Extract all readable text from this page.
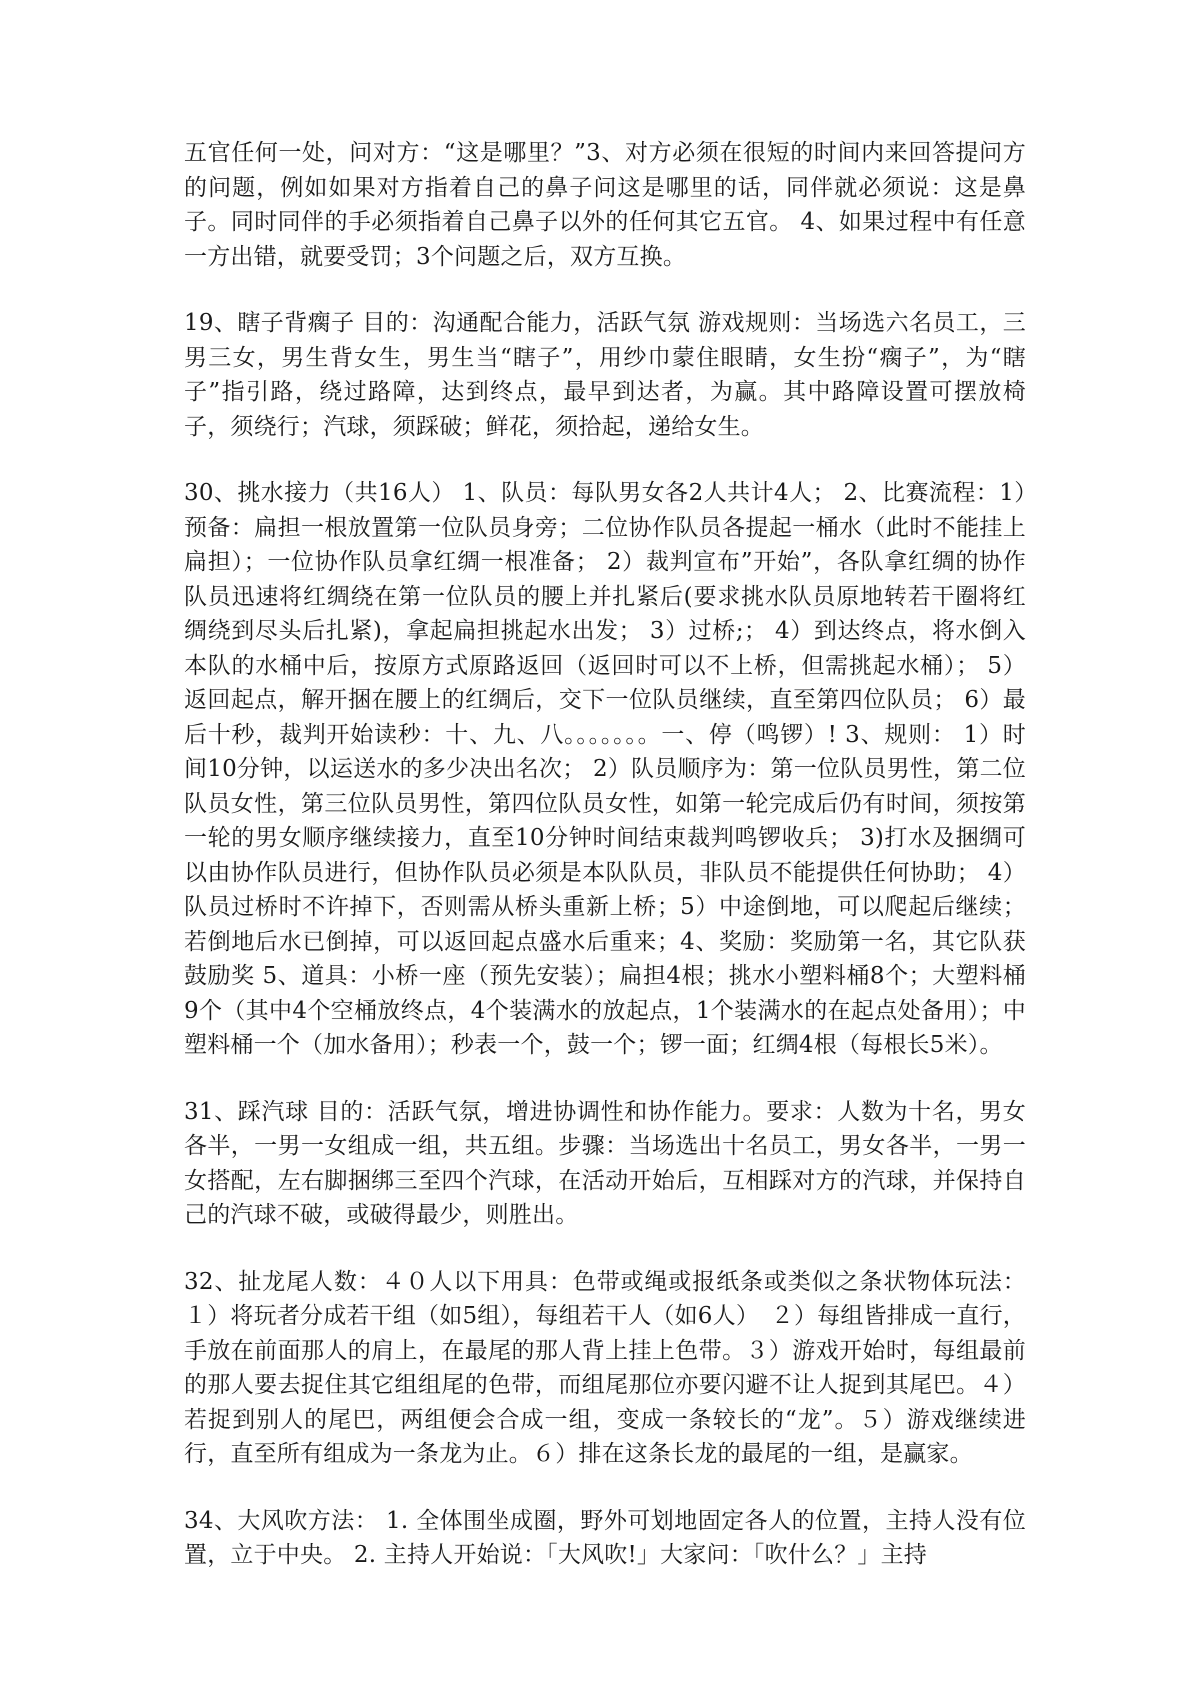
五官任何一处，问对方：“这是哪里？”3、对方必须在很短的时间内来回答提问方的问题，例如如果对方指着自己的鼻子问这是哪里的话，同伴就必须说：这是鼻子。同时同伴的手必须指着自己鼻子以外的任何其它五官。 4、如果过程中有任意一方出错，就要受罚；3个问题之后，双方互换。

19、瞎子背瘸子 目的：沟通配合能力，活跃气氛 游戏规则：当场选六名员工，三男三女，男生背女生，男生当“瞎子”，用纱巾蒙住眼睛，女生扮“瘸子”，为“瞎子”指引路，绕过路障，达到终点，最早到达者，为赢。其中路障设置可摆放椅子，须绕行；汽球，须踩破；鲜花，须拾起，递给女生。

30、挑水接力（共16人） 1、队员：每队男女各2人共计4人； 2、比赛流程：1）预备：扁担一根放置第一位队员身旁；二位协作队员各提起一桶水（此时不能挂上扁担）；一位协作队员拿红绸一根准备； 2）裁判宣布”开始”，各队拿红绸的协作队员迅速将红绸绕在第一位队员的腰上并扎紧后(要求挑水队员原地转若干圈将红绸绕到尽头后扎紧)，拿起扁担挑起水出发； 3）过桥;； 4）到达终点，将水倒入本队的水桶中后，按原方式原路返回（返回时可以不上桥，但需挑起水桶）； 5）返回起点，解开捆在腰上的红绸后，交下一位队员继续，直至第四位队员； 6）最后十秒，裁判开始读秒：十、九、八。。。。。。。一、停（鸣锣）! 3、规则： 1）时间10分钟，以运送水的多少决出名次； 2）队员顺序为：第一位队员男性，第二位队员女性，第三位队员男性，第四位队员女性，如第一轮完成后仍有时间，须按第一轮的男女顺序继续接力，直至10分钟时间结束裁判鸣锣收兵； 3)打水及捆绸可以由协作队员进行，但协作队员必须是本队队员，非队员不能提供任何协助； 4）队员过桥时不许掉下，否则需从桥头重新上桥；5）中途倒地，可以爬起后继续；若倒地后水已倒掉，可以返回起点盛水后重来；4、奖励：奖励第一名，其它队获鼓励奖 5、道具：小桥一座（预先安装）；扁担4根；挑水小塑料桶8个；大塑料桶9个（其中4个空桶放终点，4个装满水的放起点，1个装满水的在起点处备用）；中塑料桶一个（加水备用）；秒表一个，鼓一个；锣一面；红绸4根（每根长5米）。

31、踩汽球 目的：活跃气氛，增进协调性和协作能力。要求：人数为十名，男女各半，一男一女组成一组，共五组。步骤：当场选出十名员工，男女各半，一男一女搭配，左右脚捆绑三至四个汽球，在活动开始后，互相踩对方的汽球，并保持自己的汽球不破，或破得最少，则胜出。

32、扯龙尾人数：４０人以下用具：色带或绳或报纸条或类似之条状物体玩法：１）将玩者分成若干组（如5组），每组若干人（如6人）　２）每组皆排成一直行，手放在前面那人的肩上，在最尾的那人背上挂上色带。３）游戏开始时，每组最前的那人要去捉住其它组组尾的色带，而组尾那位亦要闪避不让人捉到其尾巴。４）若捉到别人的尾巴，两组便会合成一组，变成一条较长的“龙”。５）游戏继续进行，直至所有组成为一条龙为止。６）排在这条长龙的最尾的一组，是赢家。

34、大风吹方法： 1. 全体围坐成圈，野外可划地固定各人的位置，主持人没有位置，立于中央。 2. 主持人开始说：「大风吹!」大家问：「吹什么？」主持
